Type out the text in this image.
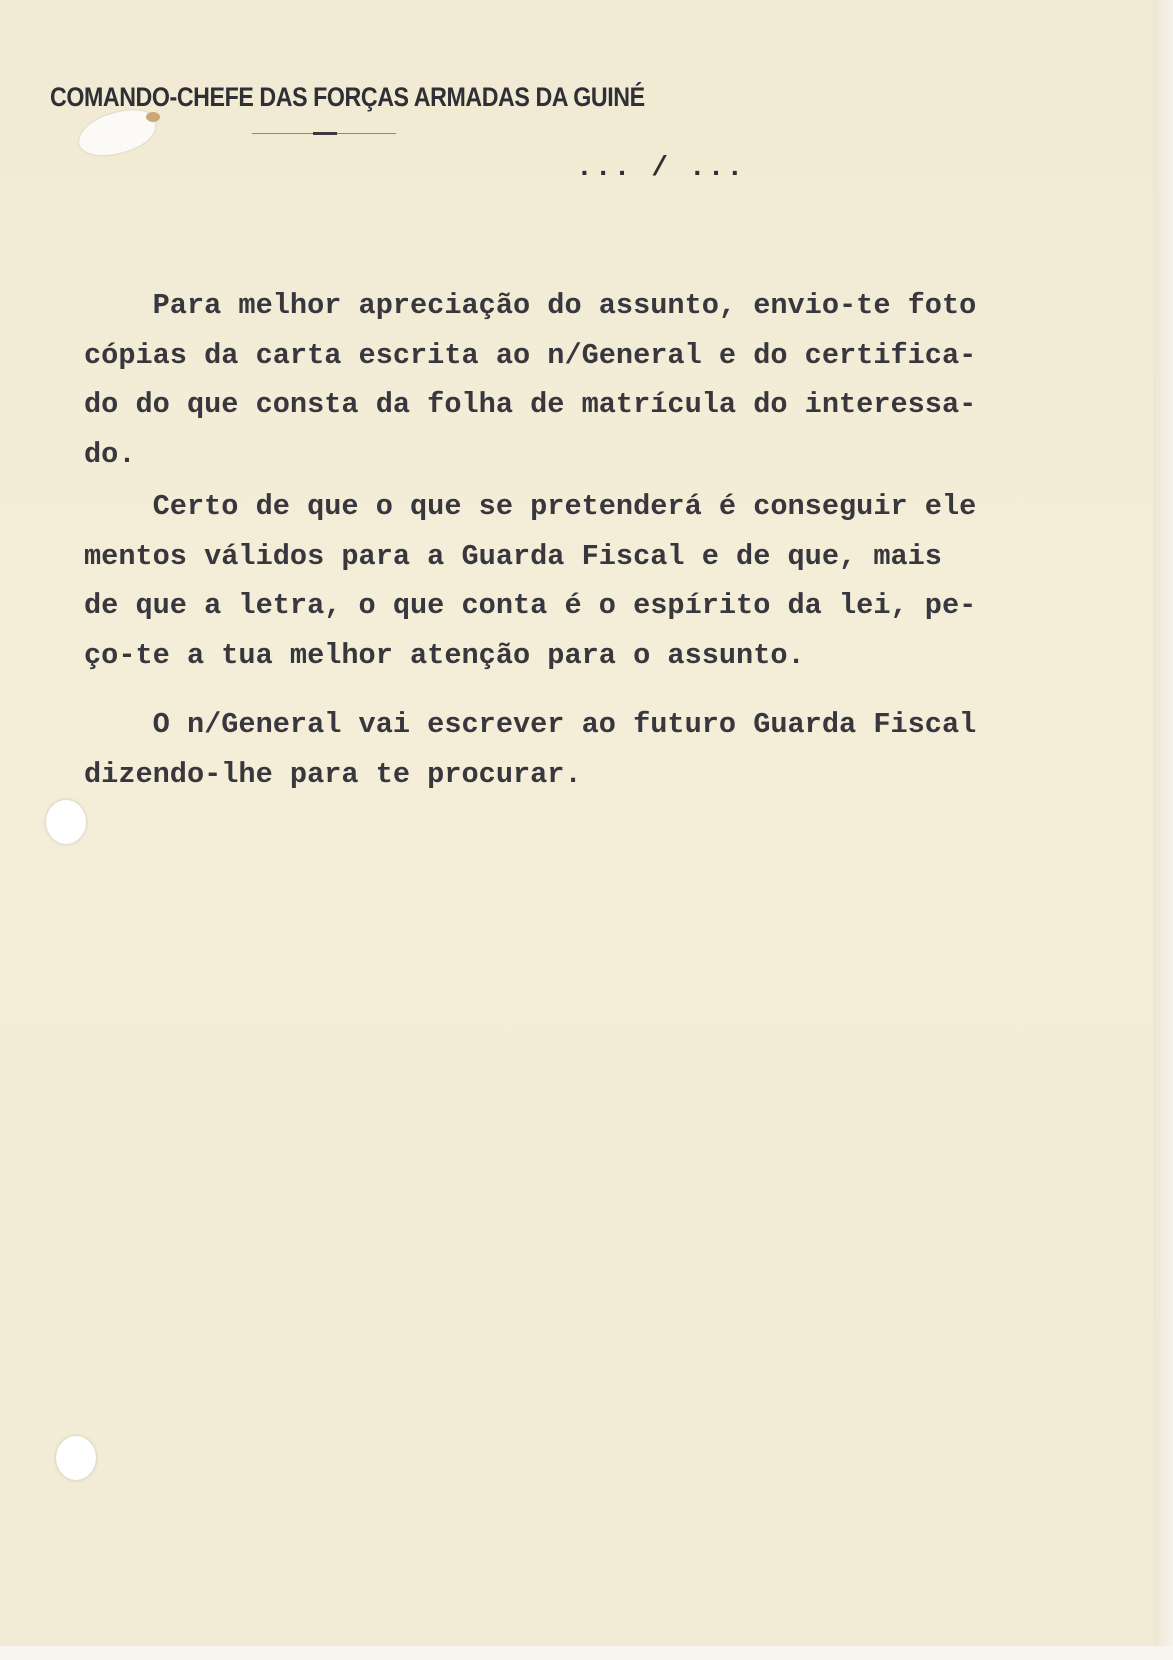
COMANDO-CHEFE DAS FORÇAS ARMADAS DA GUINÉ
... / ...
Para melhor apreciação do assunto, envio-te foto
cópias da carta escrita ao n/General e do certifica-
do do que consta da folha de matrícula do interessa-
do.
Certo de que o que se pretenderá é conseguir ele
mentos válidos para a Guarda Fiscal e de que, mais
de que a letra, o que conta é o espírito da lei, pe-
ço-te a tua melhor atenção para o assunto.
O n/General vai escrever ao futuro Guarda Fiscal
dizendo-lhe para te procurar.
